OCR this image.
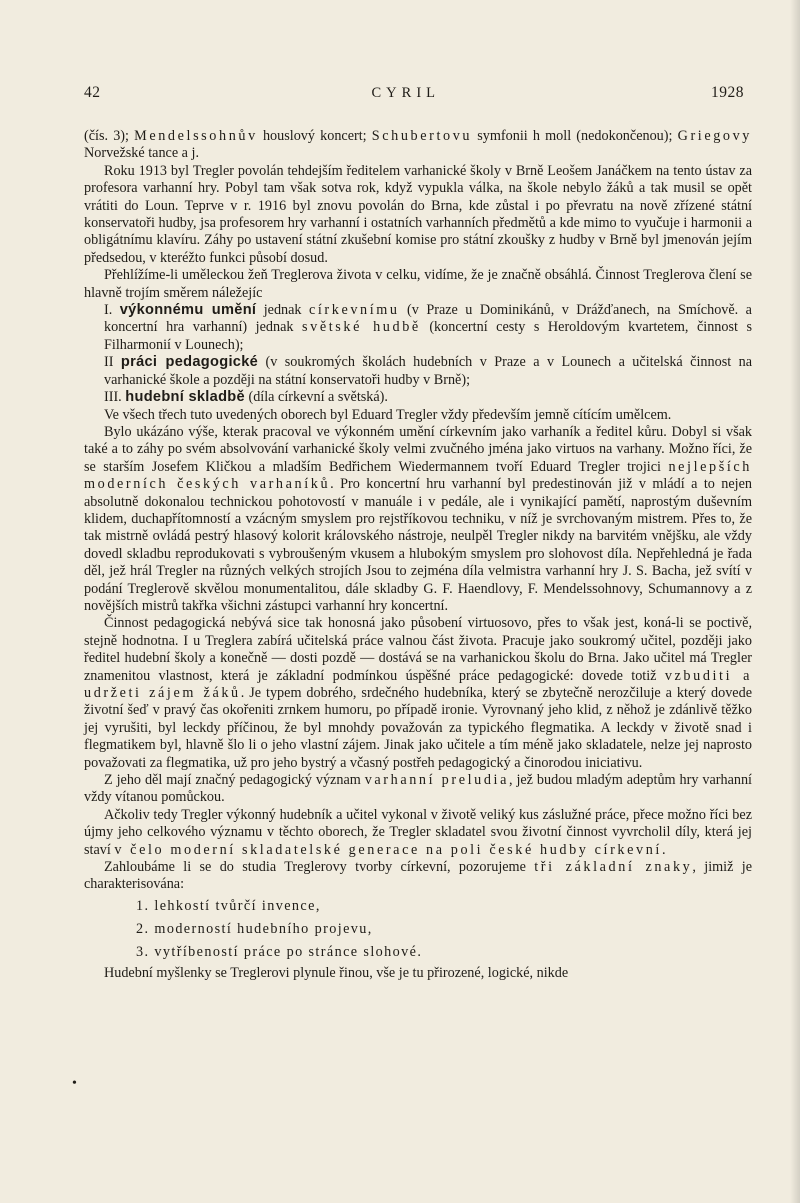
42	CYRIL	1928

(čís. 3); Mendelssohnův houslový koncert; Schubertovu symfonii h moll (nedokončenou); Griegovy Norvežské tance a j.

Roku 1913 byl Tregler povolán tehdejším ředitelem varhanické školy v Brně Leošem Janáčkem na tento ústav za profesora varhanní hry. Pobyl tam však sotva rok, když vypukla válka, na škole nebylo žáků a tak musil se opět vrátiti do Loun. Teprve v r. 1916 byl znovu povolán do Brna, kde zůstal i po převratu na nově zřízené státní konservatoři hudby, jsa profesorem hry varhanní i ostatních varhanních předmětů a kde mimo to vyučuje i harmonii a obligátnímu klavíru. Záhy po ustavení státní zkušební komise pro státní zkoušky z hudby v Brně byl jmenován jejím předsedou, v kteréžto funkci působí dosud.

Přehlížíme-li uměleckou žeň Treglerova života v celku, vidíme, že je značně obsáhlá. Činnost Treglerova člení se hlavně trojím směrem náležejíc

I. výkonnému umění jednak církevnímu (v Praze u Dominikánů, v Drážďanech, na Smíchově. a koncertní hra varhanní) jednak světské hudbě (koncertní cesty s Heroldovým kvartetem, činnost s Filharmonií v Lounech);

II práci pedagogické (v soukromých školách hudebních v Praze a v Lounech a učitelská činnost na varhanické škole a později na státní konservatoři hudby v Brně);

III. hudební skladbě (díla církevní a světská).

Ve všech třech tuto uvedených oborech byl Eduard Tregler vždy především jemně cítícím umělcem.

Bylo ukázáno výše, kterak pracoval ve výkonném umění církevním jako varhaník a ředitel kůru. Dobyl si však také a to záhy po svém absolvování varhanické školy velmi zvučného jména jako virtuos na varhany. Možno říci, že se starším Josefem Kličkou a mladším Bedřichem Wiedermannem tvoří Eduard Tregler trojici nejlepších moderních českých varhaníků. Pro koncertní hru varhanní byl predestinován již v mládí a to nejen absolutně dokonalou technickou pohotovostí v manuále i v pedále, ale i vynikající pamětí, naprostým duševním klidem, duchapřítomností a vzácným smyslem pro rejstříkovou techniku, v níž je svrchovaným mistrem. Přes to, že tak mistrně ovládá pestrý hlasový kolorit královského nástroje, neulpěl Tregler nikdy na barvitém vnějšku, ale vždy dovedl skladbu reprodukovati s vybroušeným vkusem a hlubokým smyslem pro slohovost díla. Nepřehledná je řada děl, jež hrál Tregler na různých velkých strojích Jsou to zejména díla velmistra varhanní hry J. S. Bacha, jež svítí v podání Treglerově skvělou monumentalitou, dále skladby G. F. Haendlovy, F. Mendelssohnovy, Schumannovy a z novějších mistrů takřka všichni zástupci varhanní hry koncertní.

Činnost pedagogická nebývá sice tak honosná jako působení virtuosovo, přes to však jest, koná-li se poctivě, stejně hodnotna. I u Treglera zabírá učitelská práce valnou část života. Pracuje jako soukromý učitel, později jako ředitel hudební školy a konečně — dosti pozdě — dostává se na varhanickou školu do Brna. Jako učitel má Tregler znamenitou vlastnost, která je základní podmínkou úspěšné práce pedagogické: dovede totiž vzbuditi a udržeti zájem žáků. Je typem dobrého, srdečného hudebníka, který se zbytečně nerozčiluje a který dovede životní šeď v pravý čas okořeniti zrnkem humoru, po případě ironie. Vyrovnaný jeho klid, z něhož je zdánlivě těžko jej vyrušiti, byl leckdy příčinou, že byl mnohdy považován za typického flegmatika. A leckdy v životě snad i flegmatikem byl, hlavně šlo li o jeho vlastní zájem. Jinak jako učitele a tím méně jako skladatele, nelze jej naprosto považovati za flegmatika, už pro jeho bystrý a včasný postřeh pedagogický a činorodou iniciativu.

Z jeho děl mají značný pedagogický význam varhanní preludia, jež budou mladým adeptům hry varhanní vždy vítanou pomůckou.

Ačkoliv tedy Tregler výkonný hudebník a učitel vykonal v životě veliký kus záslužné práce, přece možno říci bez újmy jeho celkového významu v těchto oborech, že Tregler skladatel svou životní činnost vyvrcholil díly, která jej staví v čelo moderní skladatelské generace na poli české hudby církevní.

Zahloubáme li se do studia Treglerovy tvorby církevní, pozorujeme tři základní znaky, jimiž je charakterisována:

1. lehkostí tvůrčí invence,

2. moderností hudebního projevu,

3. vytříbeností práce po stránce slohové.

Hudební myšlenky se Treglerovi plynule řinou, vše je tu přirozené, logické, nikde

•
